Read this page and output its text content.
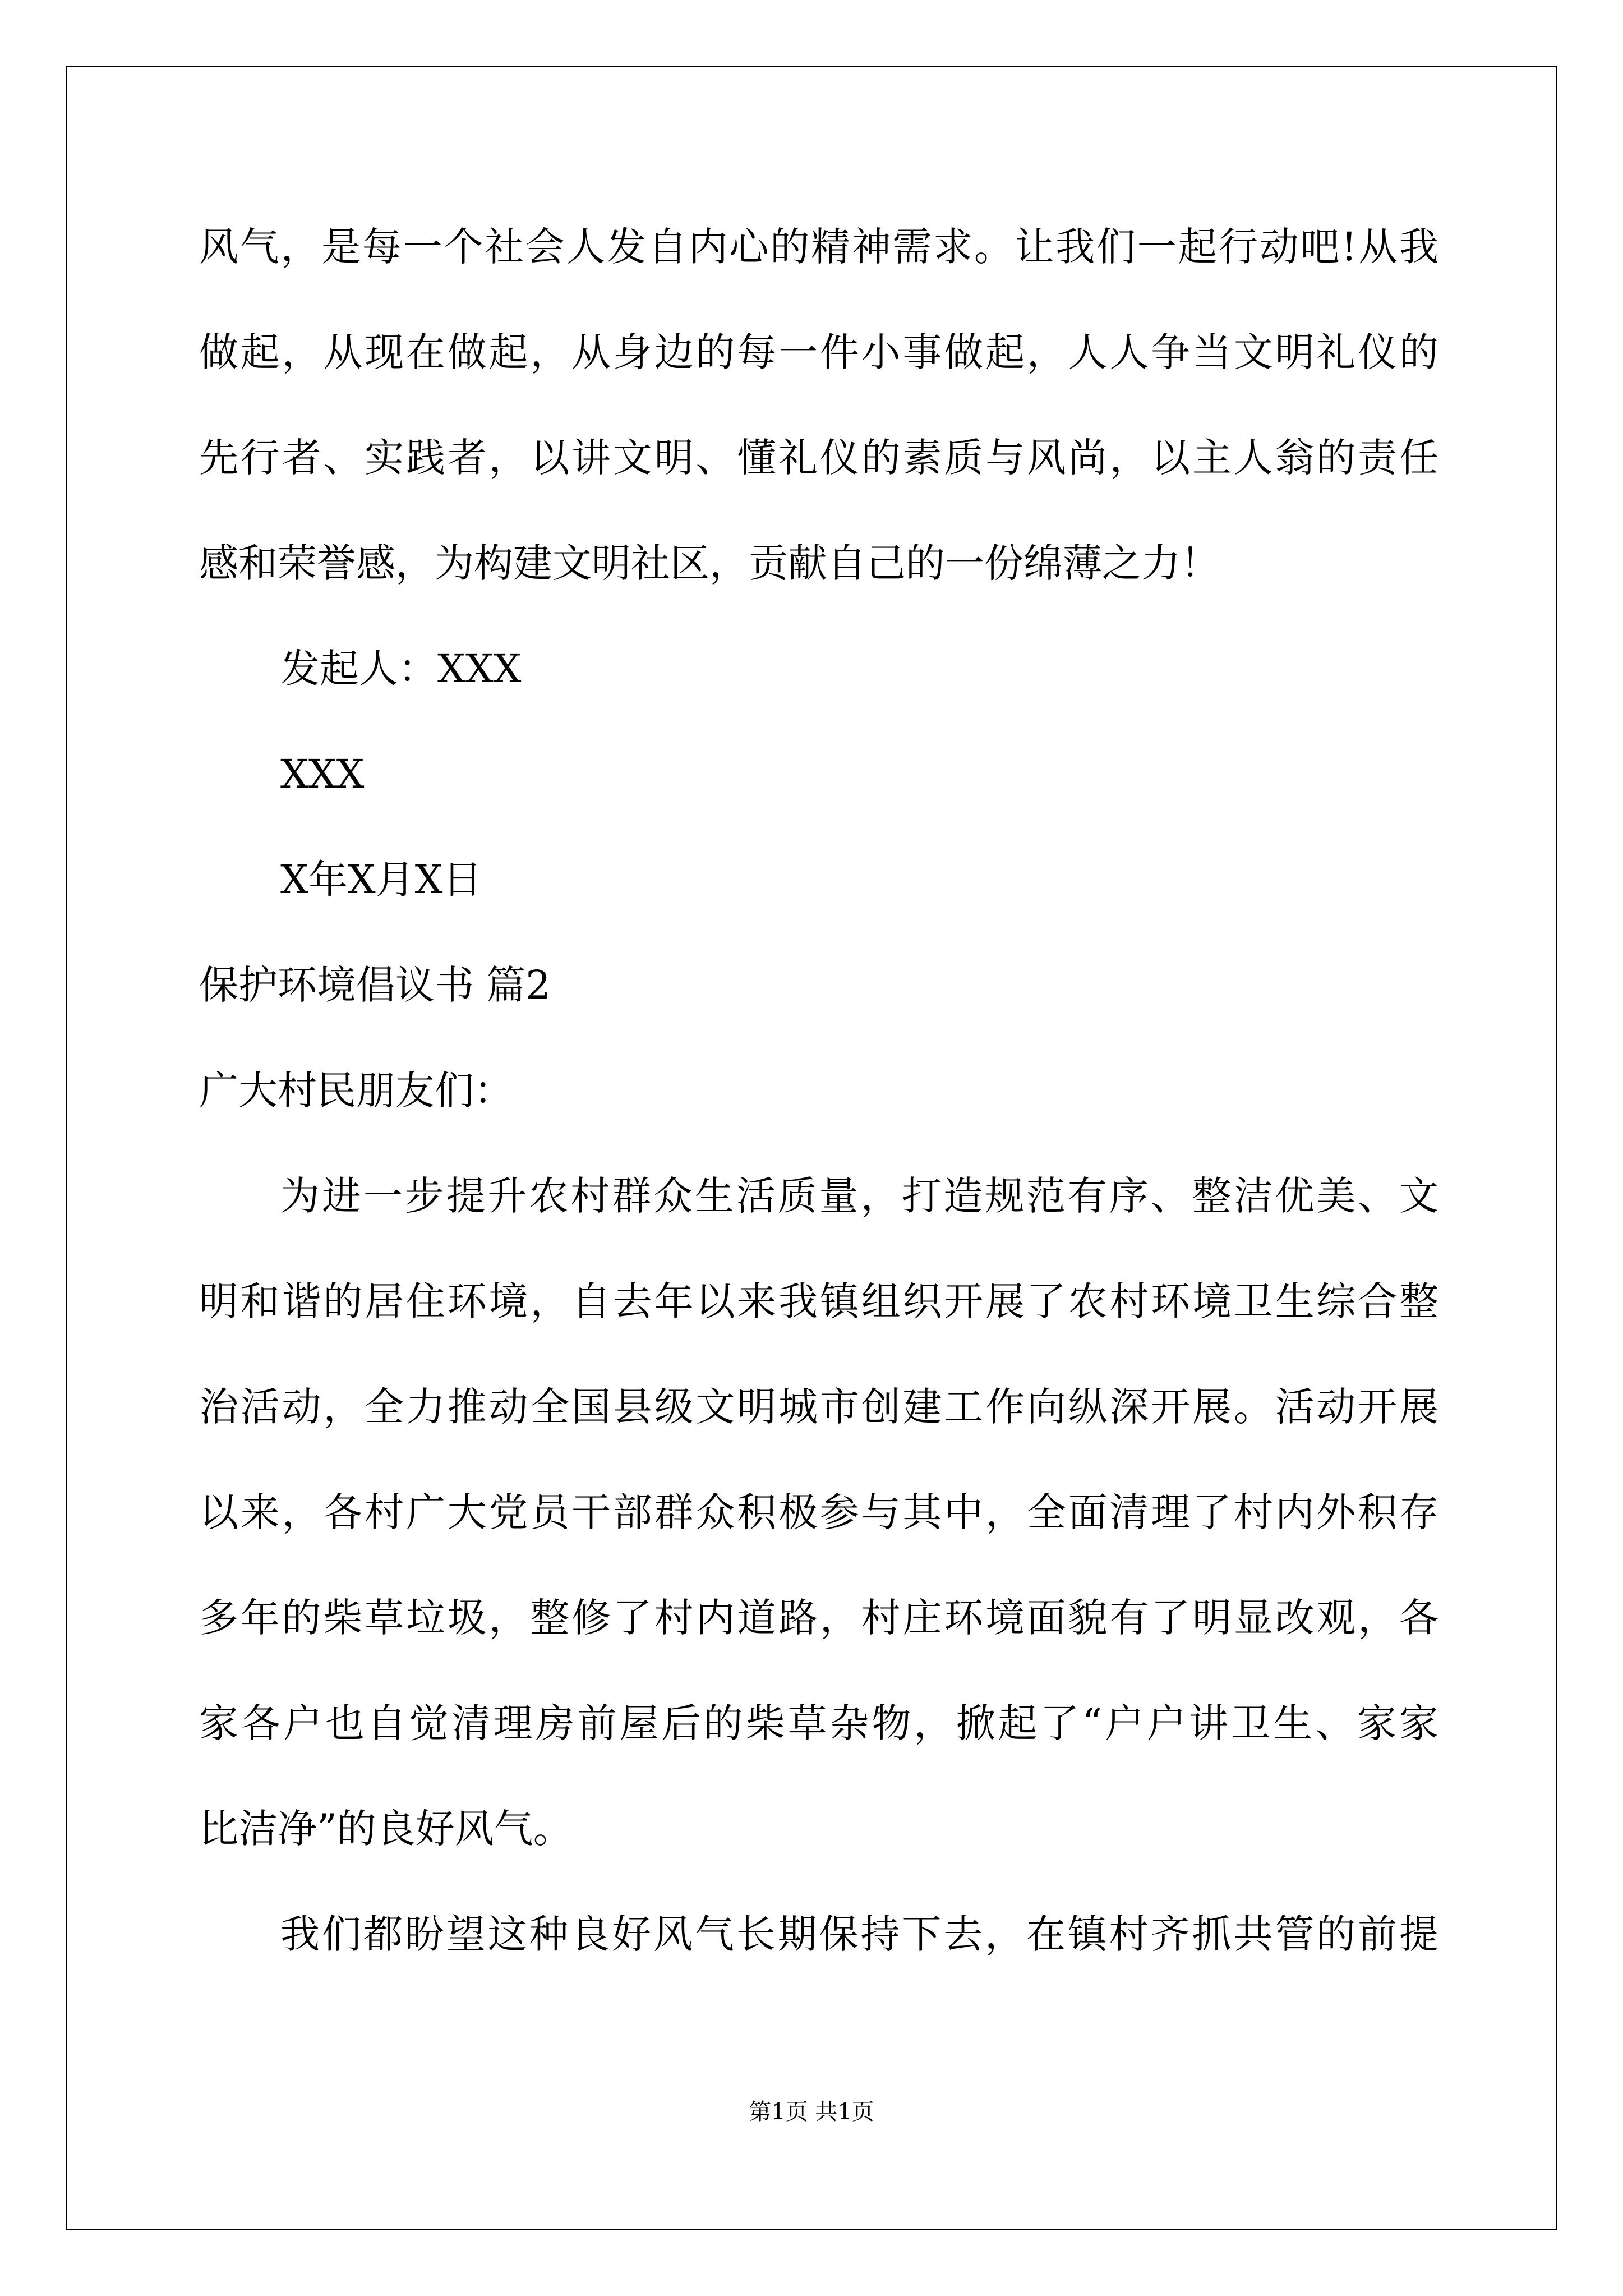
风气，是每一个社会人发自内心的精神需求。让我们一起行动吧!从我

做起，从现在做起，从身边的每一件小事做起，人人争当文明礼仪的

先行者、实践者，以讲文明、懂礼仪的素质与风尚，以主人翁的责任

感和荣誉感，为构建文明社区，贡献自己的一份绵薄之力！

发起人：XXX

XXX

X年X月X日

保护环境倡议书 篇2

广大村民朋友们：

为进一步提升农村群众生活质量，打造规范有序、整洁优美、文

明和谐的居住环境，自去年以来我镇组织开展了农村环境卫生综合整

治活动，全力推动全国县级文明城市创建工作向纵深开展。活动开展

以来，各村广大党员干部群众积极参与其中，全面清理了村内外积存

多年的柴草垃圾，整修了村内道路，村庄环境面貌有了明显改观，各

家各户也自觉清理房前屋后的柴草杂物，掀起了“户户讲卫生、家家

比洁净”的良好风气。

我们都盼望这种良好风气长期保持下去，在镇村齐抓共管的前提

第1页 共1页
